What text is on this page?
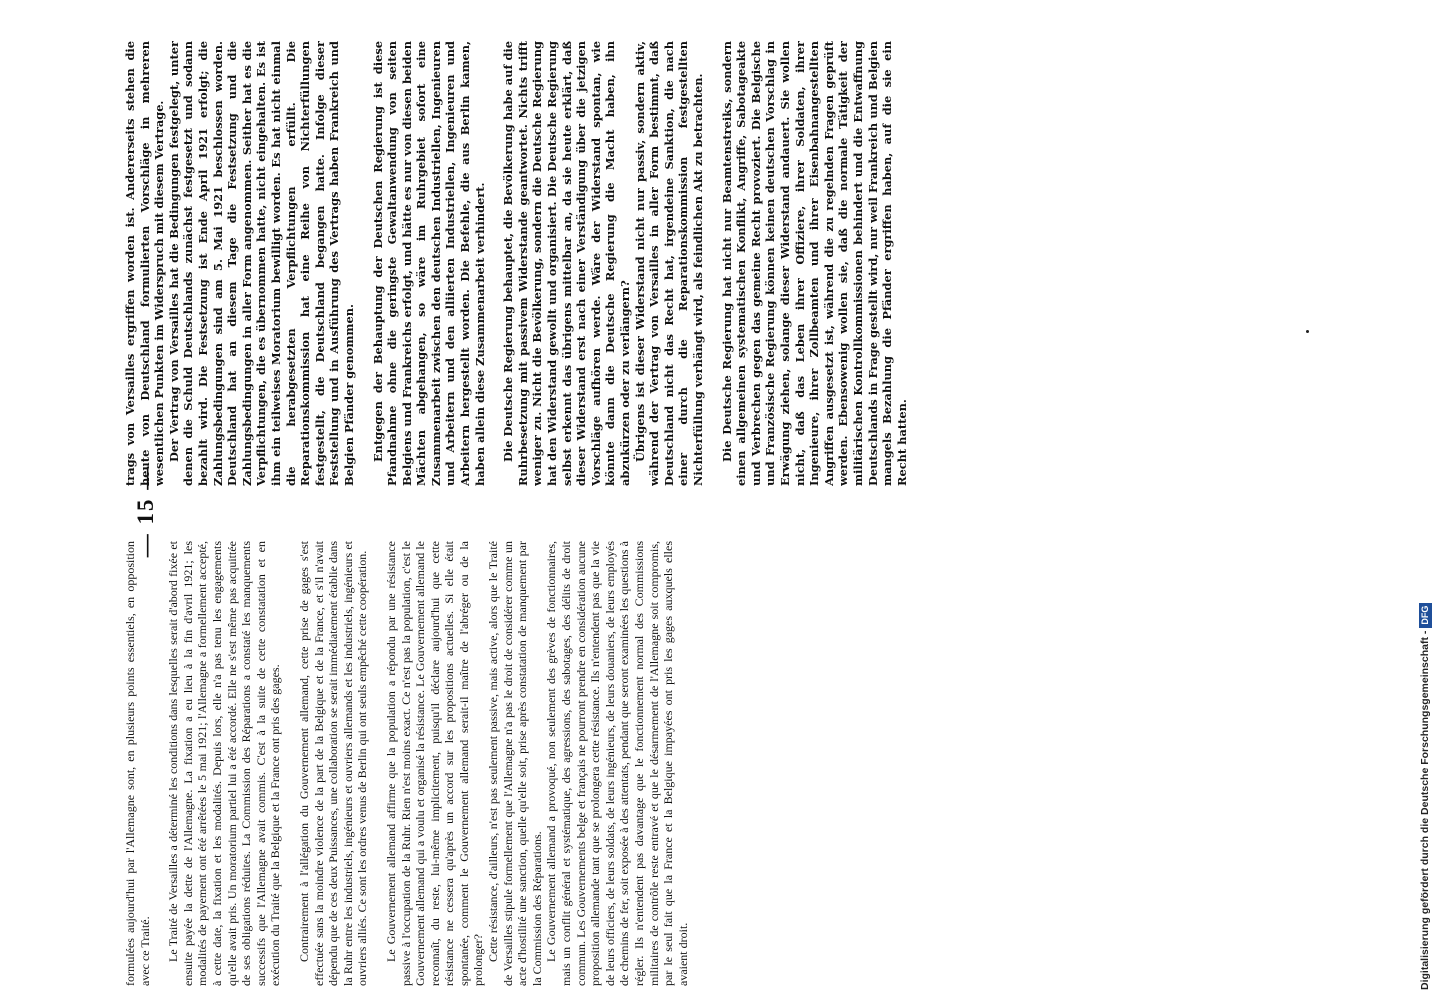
— 15 —

formulées aujourd'hui par l'Allemagne sont, en plusieurs points essentiels, en opposition avec ce Traité. Le Traité de Versailles a déterminé les conditions dans lesquelles serait d'abord fixée et ensuite payée la dette de l'Allemagne. La fixation a eu lieu à la fin d'avril 1921; les modalités de payement ont été arrêtées le 5 mai 1921; l'Allemagne a formellement accepté, à cette date, la fixation et les modalités. Depuis lors, elle n'a pas tenu les engagements qu'elle avait pris. Un moratorium partiel lui a été accordé. Elle ne s'est même pas acquittée de ses obligations réduites. La Commission des Réparations a constaté les manquements successifs que l'Allemagne avait commis. C'est à la suite de cette constatation et en exécution du Traité que la Belgique et la France ont pris des gages. Contrairement à l'allégation du Gouvernement allemand, cette prise de gages s'est effectuée sans la moindre violence de la part de la Belgique et de la France, et s'il n'avait dépendu que de ces deux Puissances, une collaboration se serait immédiatement établie dans la Ruhr entre les industriels, ingénieurs et ouvriers allemands et les industriels, ingénieurs et ouvriers alliés. Ce sont les ordres venus de Berlin qui ont seuls empêché cette coopération. Le Gouvernement allemand affirme que la population a répondu par une résistance passive à l'occupation de la Ruhr. Rien n'est moins exact. Ce n'est pas la population, c'est le Gouvernement allemand qui a voulu et organisé la résistance. Le Gouvernement allemand le reconnaît, du reste, lui-même implicitement, puisqu'il déclare aujourd'hui que cette résistance ne cessera qu'après un accord sur les propositions actuelles. Si elle était spontanée, comment le Gouvernement allemand serait-il maître de l'abréger ou de la prolonger? Cette résistance, d'ailleurs, n'est pas seulement passive, mais active, alors que le Traité de Versailles stipule formellement que l'Allemagne n'a pas le droit de considérer comme un acte d'hostilité une sanction, quelle qu'elle soit, prise après constatation de manquement par la Commission des Réparations. Le Gouvernement allemand a provoqué, non seulement des grèves de fonctionnaires, mais un conflit général et systématique, des agressions, des sabotages, des délits de droit commun. Les Gouvernements belge et français ne pourront prendre en considération aucune proposition allemande tant que se prolongera cette résistance. Ils n'entendent pas que la vie de leurs officiers, de leurs soldats, de leurs ingénieurs, de leurs douaniers, de leurs employés de chemins de fer, soit exposée à des attentats, pendant que seront examinées les questions à régler. Ils n'entendent pas davantage que le fonctionnement normal des Commissions militaires de contrôle reste entravé et que le désarmement de l'Allemagne soit compromis, par le seul fait que la France et la Belgique impayées ont pris les gages auxquels elles avaient droit.

trags von Versailles ergriffen worden ist. Andererseits stehen die heute von Deutschland formulierten Vorschläge in mehreren wesentlichen Punkten im Widerspruch mit diesem Vertrage. Der Vertrag von Versailles hat die Bedingungen festgelegt, unter denen die Schuld Deutschlands zunächst festgesetzt und sodann bezahlt wird. Die Festsetzung ist Ende April 1921 erfolgt; die Zahlungsbedingungen sind am 5. Mai 1921 beschlossen worden. Deutschland hat an diesem Tage die Festsetzung und die Zahlungsbedingungen in aller Form angenommen. Seither hat es die Verpflichtungen, die es übernommen hatte, nicht eingehalten. Es ist ihm ein teilweises Moratorium bewilligt worden. Es hat nicht einmal die herabgesetzten Verpflichtungen erfüllt. Die Reparationskommission hat eine Reihe von Nichterfüllungen festgestellt, die Deutschland begangen hatte. Infolge dieser Feststellung und in Ausführung des Vertrags haben Frankreich und Belgien Pfänder genommen. Entgegen der Behauptung der Deutschen Regierung ist diese Pfandnahme ohne die geringste Gewaltanwendung von seiten Belgiens und Frankreichs erfolgt, und hätte es nur von diesen beiden Mächten abgehangen, so wäre im Ruhrgebiet sofort eine Zusammenarbeit zwischen den deutschen Industriellen, Ingenieuren und Arbeitern und den alliierten Industriellen, Ingenieuren und Arbeitern hergestellt worden. Die Befehle, die aus Berlin kamen, haben allein diese Zusammenarbeit verhindert. Die Deutsche Regierung behauptet, die Bevölkerung habe auf die Ruhrbesetzung mit passivem Widerstande geantwortet. Nichts trifft weniger zu. Nicht die Bevölkerung, sondern die Deutsche Regierung hat den Widerstand gewollt und organisiert. Die Deutsche Regierung selbst erkennt das übrigens mittelbar an, da sie heute erklärt, daß dieser Widerstand erst nach einer Verständigung über die jetzigen Vorschläge aufhören werde. Wäre der Widerstand spontan, wie könnte dann die Deutsche Regierung die Macht haben, ihn abzukürzen oder zu verlängern? Übrigens ist dieser Widerstand nicht nur passiv, sondern aktiv, während der Vertrag von Versailles in aller Form bestimmt, daß Deutschland nicht das Recht hat, irgendeine Sanktion, die nach einer durch die Reparationskommission festgestellten Nichterfüllung verhängt wird, als feindlichen Akt zu betrachten. Die Deutsche Regierung hat nicht nur Beamtenstreiks, sondern einen allgemeinen systematischen Konflikt, Angriffe, Sabotageakte und Verbrechen gegen das gemeine Recht provoziert. Die Belgische und Französische Regierung können keinen deutschen Vorschlag in Erwägung ziehen, solange dieser Widerstand andauert. Sie wollen nicht, daß das Leben ihrer Offiziere, ihrer Soldaten, ihrer Ingenieure, ihrer Zollbeamten und ihrer Eisenbahnangestellten Angriffen ausgesetzt ist, während die zu regelnden Fragen geprüft werden. Ebensowenig wollen sie, daß die normale Tätigkeit der militärischen Kontrollkommissionen behindert und die Entwaffnung Deutschlands in Frage gestellt wird, nur weil Frankreich und Belgien mangels Bezahlung die Pfänder ergriffen haben, auf die sie ein Recht hatten.

Digitalisierung gefördert durch die Deutsche Forschungsgemeinschaft -DFG
